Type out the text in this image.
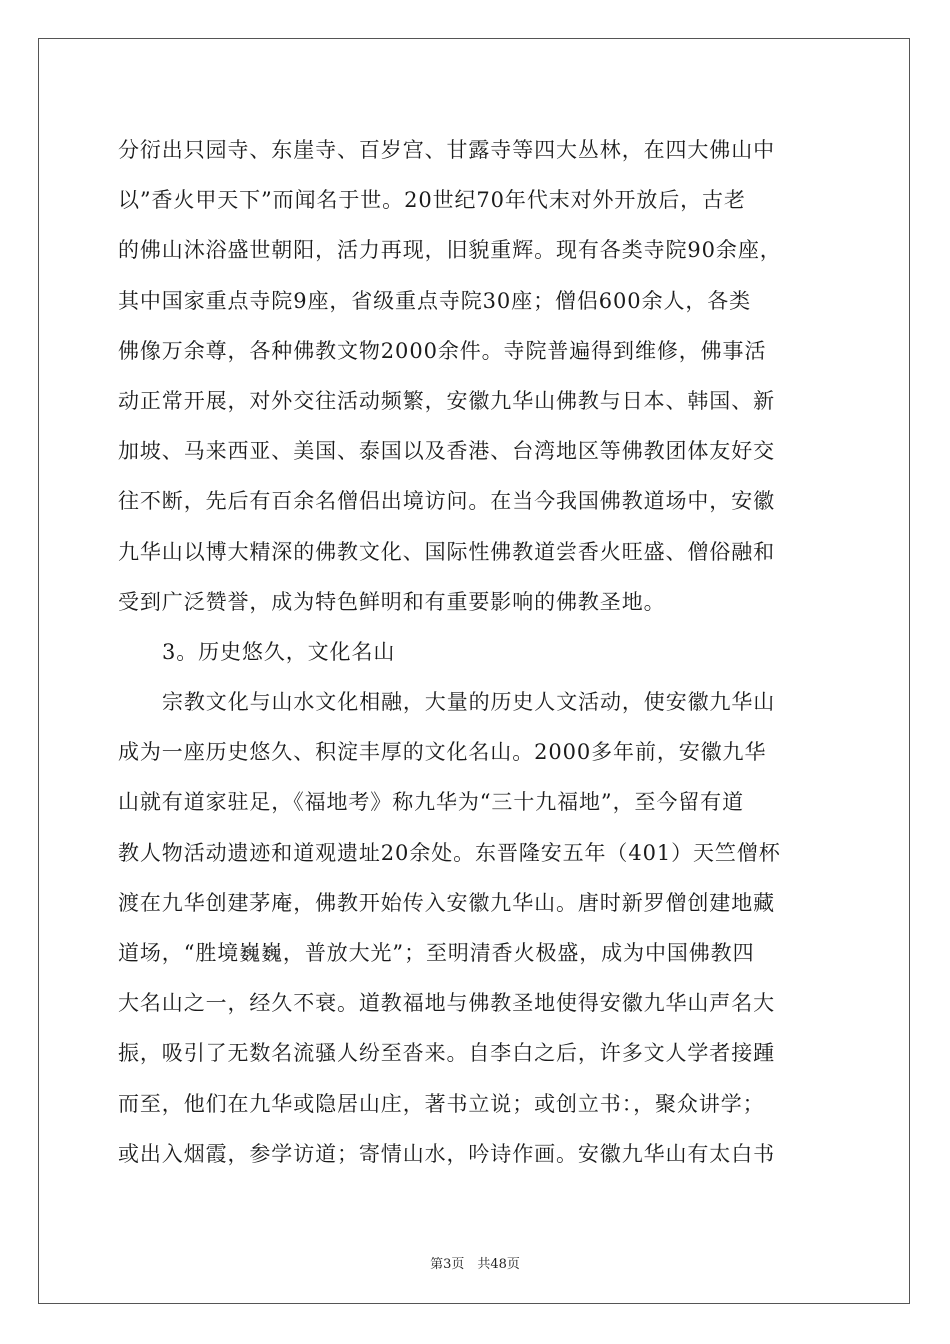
分衍出只园寺、东崖寺、百岁宫、甘露寺等四大丛林，在四大佛山中
以”香火甲天下”而闻名于世。20世纪70年代末对外开放后，古老
的佛山沐浴盛世朝阳，活力再现，旧貌重辉。现有各类寺院90余座，
其中国家重点寺院9座，省级重点寺院30座；僧侣600余人，各类
佛像万余尊，各种佛教文物2000余件。寺院普遍得到维修，佛事活
动正常开展，对外交往活动频繁，安徽九华山佛教与日本、韩国、新
加坡、马来西亚、美国、泰国以及香港、台湾地区等佛教团体友好交
往不断，先后有百余名僧侣出境访问。在当今我国佛教道场中，安徽
九华山以博大精深的佛教文化、国际性佛教道尝香火旺盛、僧俗融和
受到广泛赞誉，成为特色鲜明和有重要影响的佛教圣地。
3。历史悠久，文化名山
宗教文化与山水文化相融，大量的历史人文活动，使安徽九华山
成为一座历史悠久、积淀丰厚的文化名山。2000多年前，安徽九华
山就有道家驻足，《福地考》称九华为“三十九福地”，至今留有道
教人物活动遗迹和道观遗址20余处。东晋隆安五年（401）天竺僧杯
渡在九华创建茅庵，佛教开始传入安徽九华山。唐时新罗僧创建地藏
道场，“胜境巍巍，普放大光”；至明清香火极盛，成为中国佛教四
大名山之一，经久不衰。道教福地与佛教圣地使得安徽九华山声名大
振，吸引了无数名流骚人纷至沓来。自李白之后，许多文人学者接踵
而至，他们在九华或隐居山庄，著书立说；或创立书：，聚众讲学；
或出入烟霞，参学访道；寄情山水，吟诗作画。安徽九华山有太白书
第3页　共48页
